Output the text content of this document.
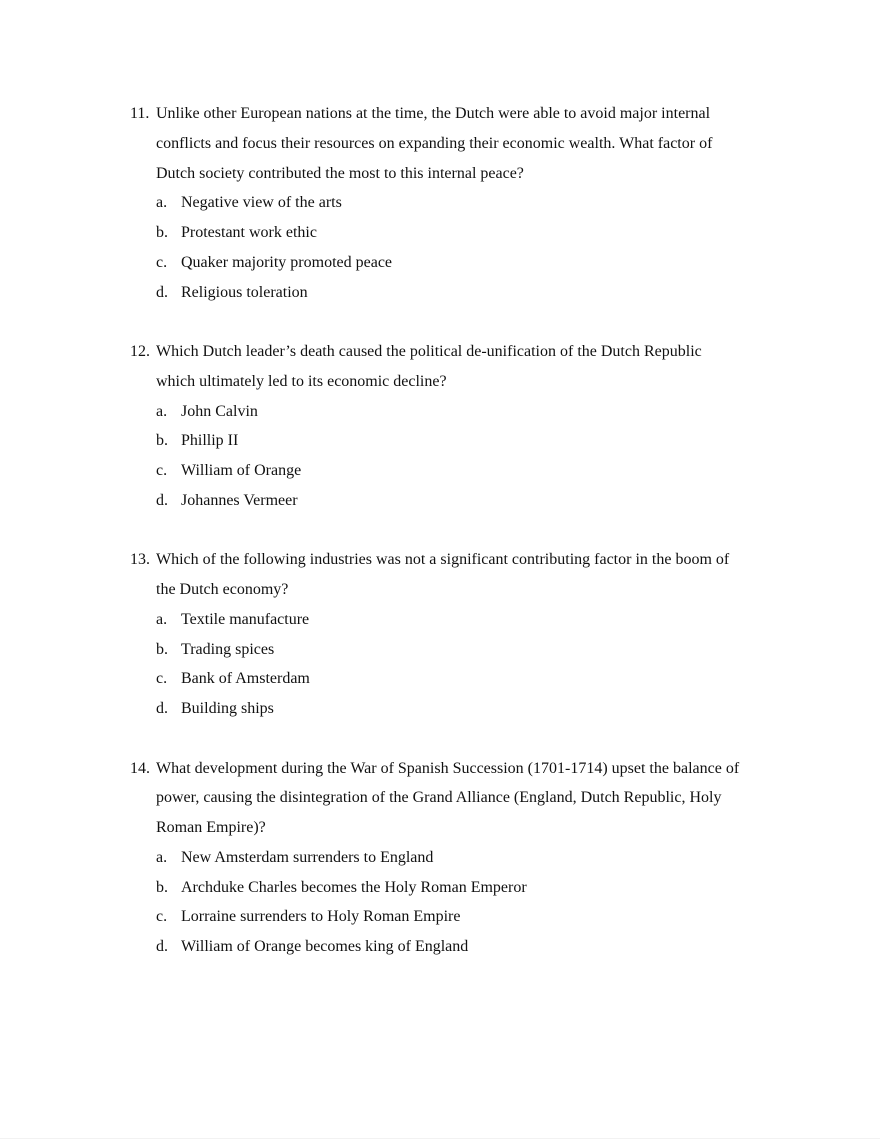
11. Unlike other European nations at the time, the Dutch were able to avoid major internal
conflicts and focus their resources on expanding their economic wealth. What factor of
Dutch society contributed the most to this internal peace?
a. Negative view of the arts
b. Protestant work ethic
c. Quaker majority promoted peace
d. Religious toleration
12. Which Dutch leader’s death caused the political de-unification of the Dutch Republic
which ultimately led to its economic decline?
a. John Calvin
b. Phillip II
c. William of Orange
d. Johannes Vermeer
13. Which of the following industries was not a significant contributing factor in the boom of
the Dutch economy?
a. Textile manufacture
b. Trading spices
c. Bank of Amsterdam
d. Building ships
14. What development during the War of Spanish Succession (1701-1714) upset the balance of
power, causing the disintegration of the Grand Alliance (England, Dutch Republic, Holy
Roman Empire)?
a. New Amsterdam surrenders to England
b. Archduke Charles becomes the Holy Roman Emperor
c. Lorraine surrenders to Holy Roman Empire
d. William of Orange becomes king of England
